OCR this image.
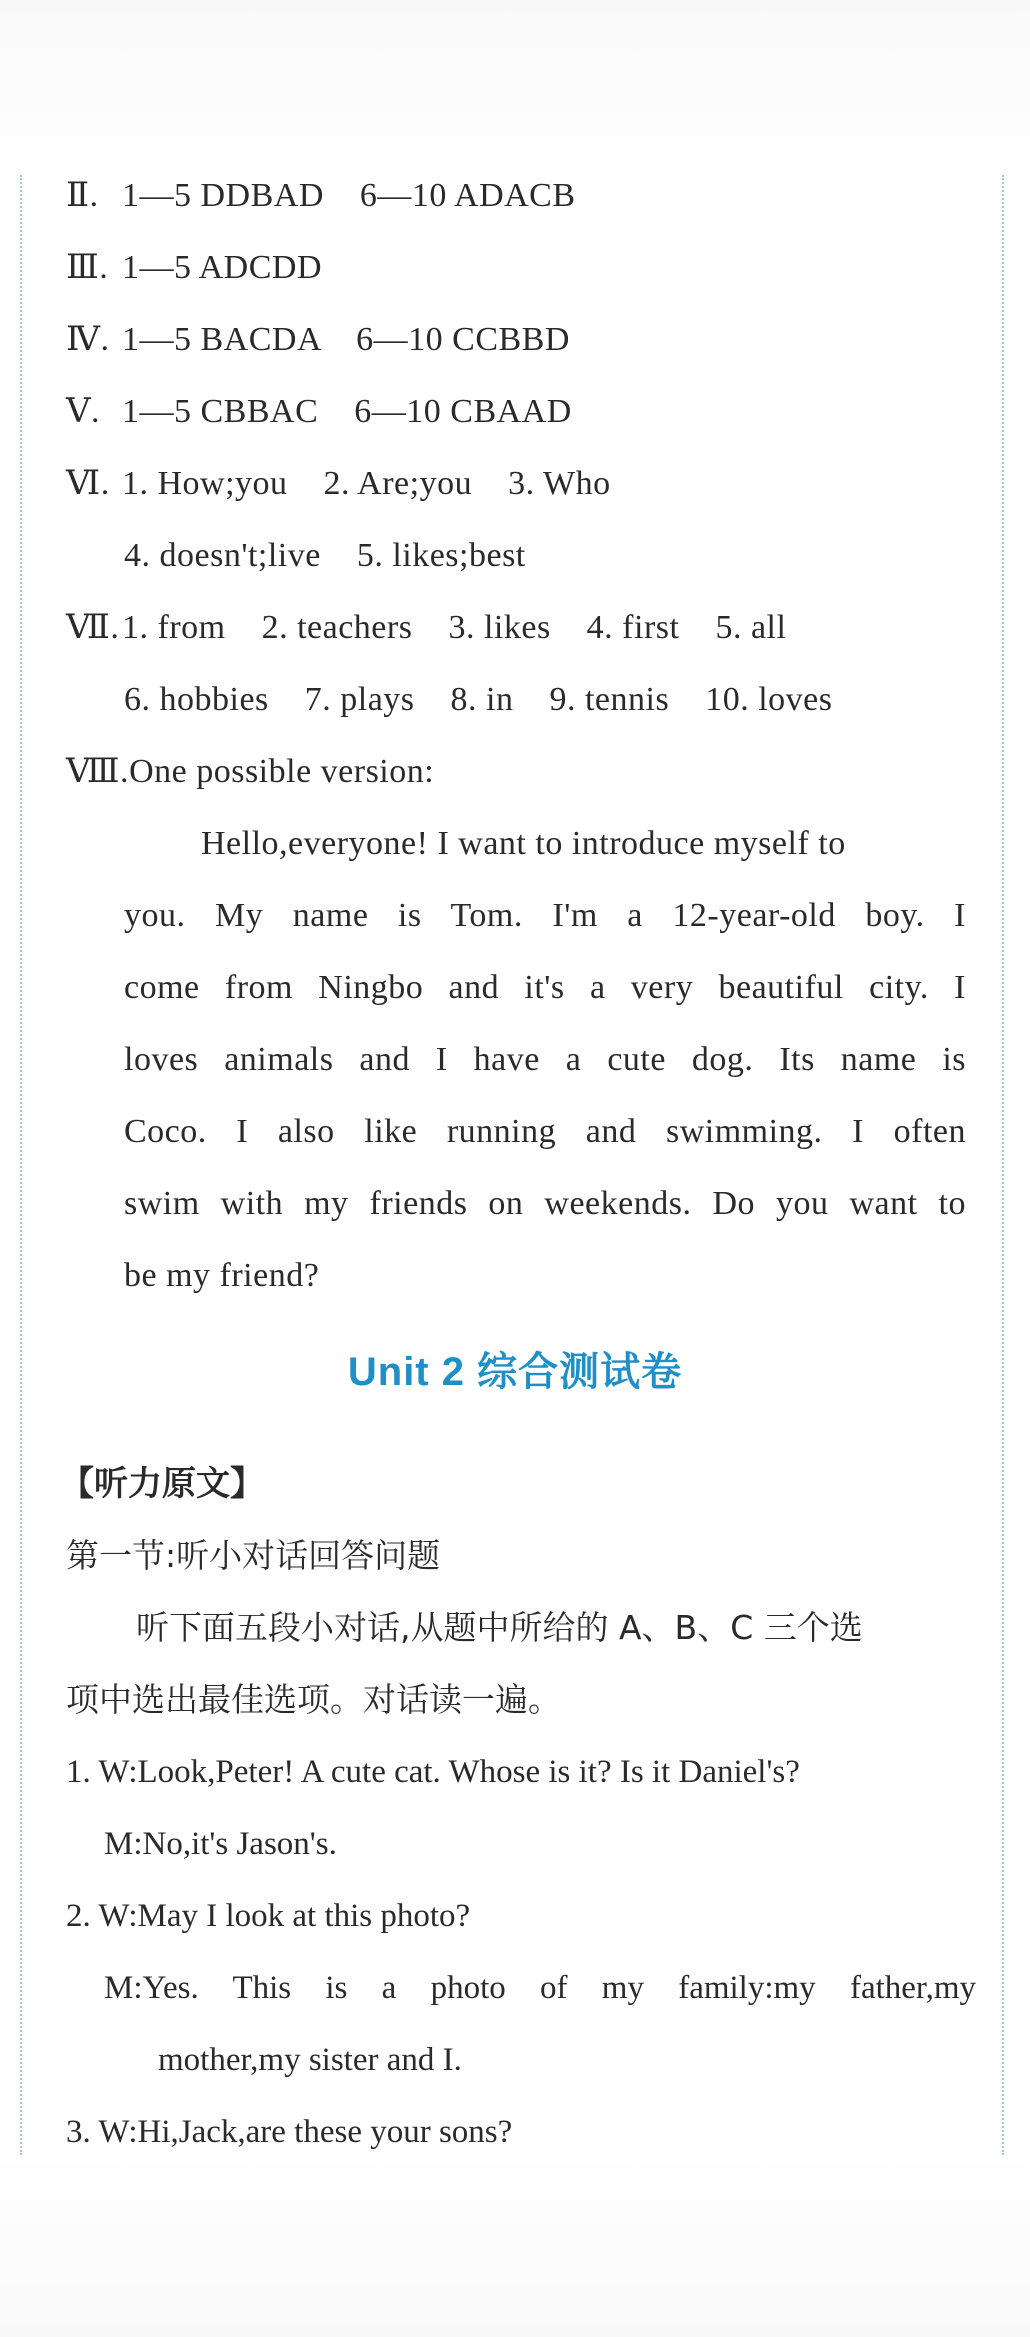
Ⅱ. 1—5 DDBAD    6—10 ADACB
Ⅲ. 1—5 ADCDD
Ⅳ. 1—5 BACDA    6—10 CCBBD
Ⅴ. 1—5 CBBAC    6—10 CBAAD
Ⅵ. 1. How;you    2. Are;you    3. Who
4. doesn't;live    5. likes;best
Ⅶ.1. from    2. teachers    3. likes    4. first    5. all
6. hobbies    7. plays    8. in    9. tennis    10. loves
Ⅷ.One possible version:
Hello,everyone! I want to introduce myself to
you. My name is Tom. I'm a 12-year-old boy. I
come from Ningbo and it's a very beautiful city. I
loves animals and I have a cute dog. Its name is
Coco. I also like running and swimming. I often
swim with my friends on weekends. Do you want to
be my friend?
Unit 2 综合测试卷
【听力原文】
第一节:听小对话回答问题
听下面五段小对话,从题中所给的 A、B、C 三个选
项中选出最佳选项。对话读一遍。
1. W:Look,Peter! A cute cat. Whose is it? Is it Daniel's?
M:No,it's Jason's.
2. W:May I look at this photo?
M:Yes. This is a photo of my family:my father,my
mother,my sister and I.
3. W:Hi,Jack,are these your sons?
